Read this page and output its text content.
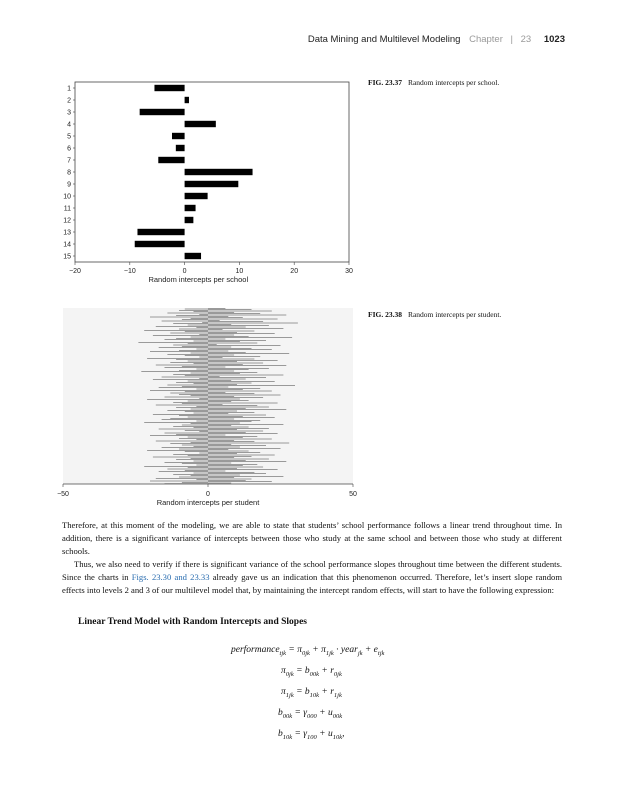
Data Mining and Multilevel Modeling Chapter | 23 1023
1
2
3
4
5
6
7
8
9
10
11
12
13
14
15
−20	−10	0	10	20	30
Random intercepts per school
FIG. 23.37 Random intercepts per school.
−50	0	50
Random intercepts per student
FIG. 23.38 Random intercepts per student.

Therefore, at this moment of the modeling, we are able to state that students’ school performance follows a linear trend throughout time. In addition, there is a significant variance of intercepts between those who study at the same school and between those who study at different schools.

Thus, we also need to verify if there is significant variance of the school performance slopes throughout time between the different students. Since the charts in Figs. 23.30 and 23.33 already gave us an indication that this phenomenon occurred. Therefore, let’s insert slope random effects into levels 2 and 3 of our multilevel model that, by maintaining the intercept random effects, will start to have the following expression:

Linear Trend Model with Random Intercepts and Slopes
performance$_{tjk}$ = $\pi_{0jk} + \pi_{1jk}$ · year$_{jk}$ + $e_{tjk}$
$\pi_{0jk} = b_{00k} + r_{0jk}$
$\pi_{1jk} = b_{10k} + r_{1jk}$
$b_{00k} = \gamma_{000} + u_{00k}$
$b_{10k} = \gamma_{100} + u_{10k}$,
